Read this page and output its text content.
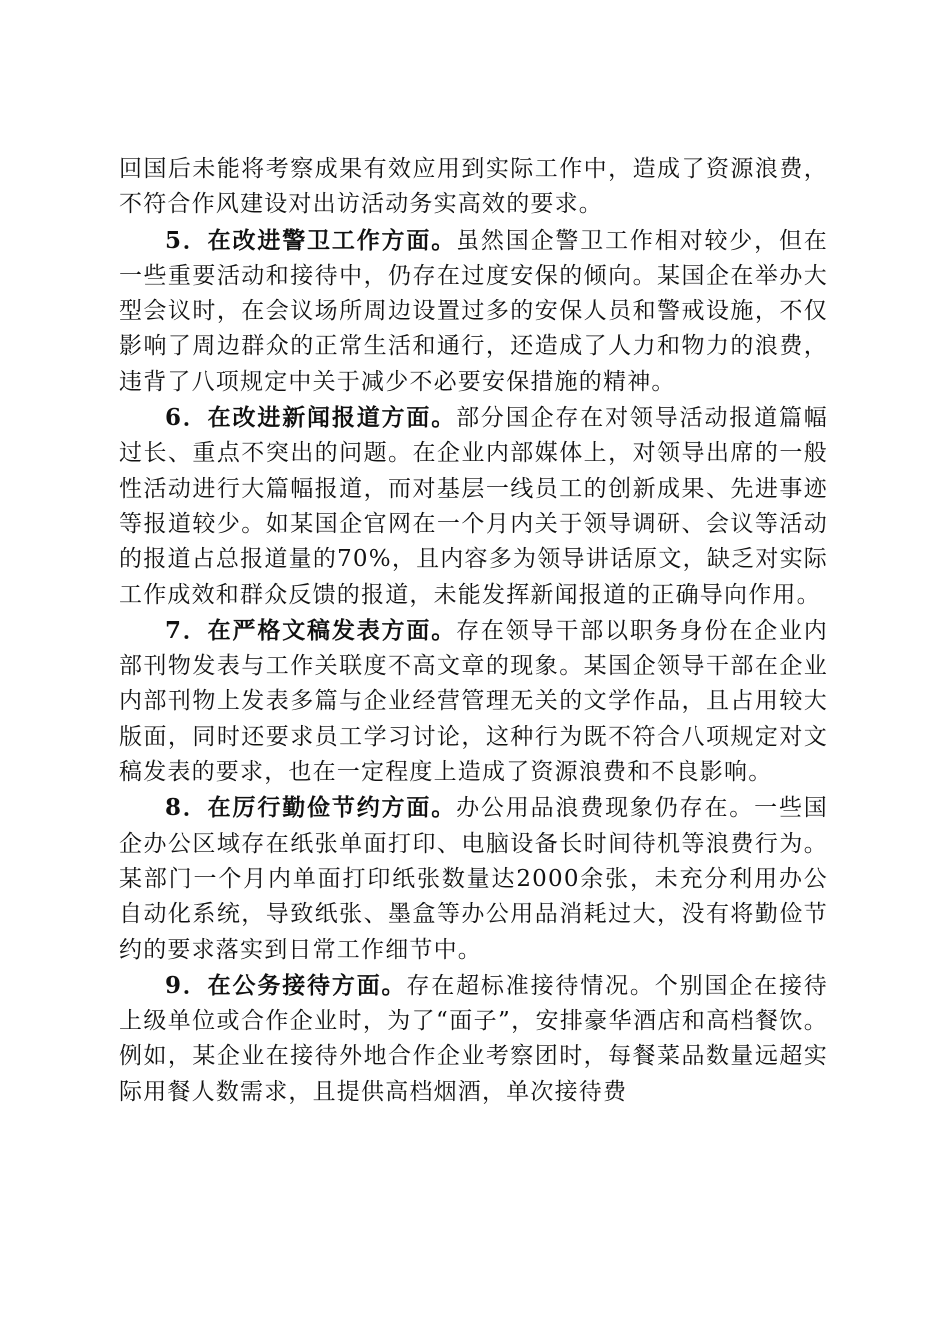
回国后未能将考察成果有效应用到实际工作中，造成了资源浪费，不符合作风建设对出访活动务实高效的要求。

5．在改进警卫工作方面。虽然国企警卫工作相对较少，但在一些重要活动和接待中，仍存在过度安保的倾向。某国企在举办大型会议时，在会议场所周边设置过多的安保人员和警戒设施，不仅影响了周边群众的正常生活和通行，还造成了人力和物力的浪费，违背了八项规定中关于减少不必要安保措施的精神。

6．在改进新闻报道方面。部分国企存在对领导活动报道篇幅过长、重点不突出的问题。在企业内部媒体上，对领导出席的一般性活动进行大篇幅报道，而对基层一线员工的创新成果、先进事迹等报道较少。如某国企官网在一个月内关于领导调研、会议等活动的报道占总报道量的70%，且内容多为领导讲话原文，缺乏对实际工作成效和群众反馈的报道，未能发挥新闻报道的正确导向作用。

7．在严格文稿发表方面。存在领导干部以职务身份在企业内部刊物发表与工作关联度不高文章的现象。某国企领导干部在企业内部刊物上发表多篇与企业经营管理无关的文学作品，且占用较大版面，同时还要求员工学习讨论，这种行为既不符合八项规定对文稿发表的要求，也在一定程度上造成了资源浪费和不良影响。

8．在厉行勤俭节约方面。办公用品浪费现象仍存在。一些国企办公区域存在纸张单面打印、电脑设备长时间待机等浪费行为。某部门一个月内单面打印纸张数量达2000余张，未充分利用办公自动化系统，导致纸张、墨盒等办公用品消耗过大，没有将勤俭节约的要求落实到日常工作细节中。

9．在公务接待方面。存在超标准接待情况。个别国企在接待上级单位或合作企业时，为了“面子”，安排豪华酒店和高档餐饮。例如，某企业在接待外地合作企业考察团时，每餐菜品数量远超实际用餐人数需求，且提供高档烟酒，单次接待费
